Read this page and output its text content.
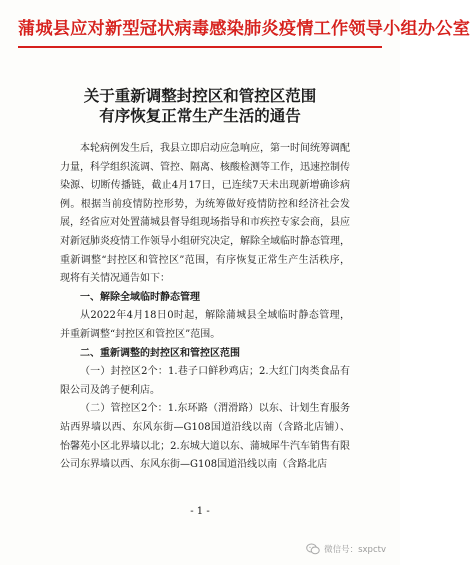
蒲城县应对新型冠状病毒感染肺炎疫情工作领导小组办公室
关于重新调整封控区和管控区范围
有序恢复正常生产生活的通告

本轮病例发生后，我县立即启动应急响应，第一时间统筹调配力量，科学组织流调、管控、隔离、核酸检测等工作，迅速控制传染源、切断传播链，截止4月17日，已连续7天未出现新增确诊病例。根据当前疫情防控形势，为统筹做好疫情防控和经济社会发展，经省应对处置蒲城县督导组现场指导和市疾控专家会商，县应对新冠肺炎疫情工作领导小组研究决定，解除全域临时静态管理，重新调整“封控区和管控区”范围，有序恢复正常生产生活秩序，现将有关情况通告如下：

一、解除全域临时静态管理

从2022年4月18日0时起，解除蒲城县全域临时静态管理，并重新调整“封控区和管控区”范围。

二、重新调整的封控区和管控区范围

（一）封控区2个：1.巷子口鲜秒鸡店；2.大红门肉类食品有限公司及鸽子便利店。

（二）管控区2个：1.东环路（渭滑路）以东、计划生育服务站西界墙以西、东风东街—G108国道沿线以南（含路北店铺）、怡馨苑小区北界墙以北；2.东城大道以东、蒲城犀牛汽车销售有限公司东界墙以西、东风东街—G108国道沿线以南（含路北店

- 1 -
微信号：sxpctv
